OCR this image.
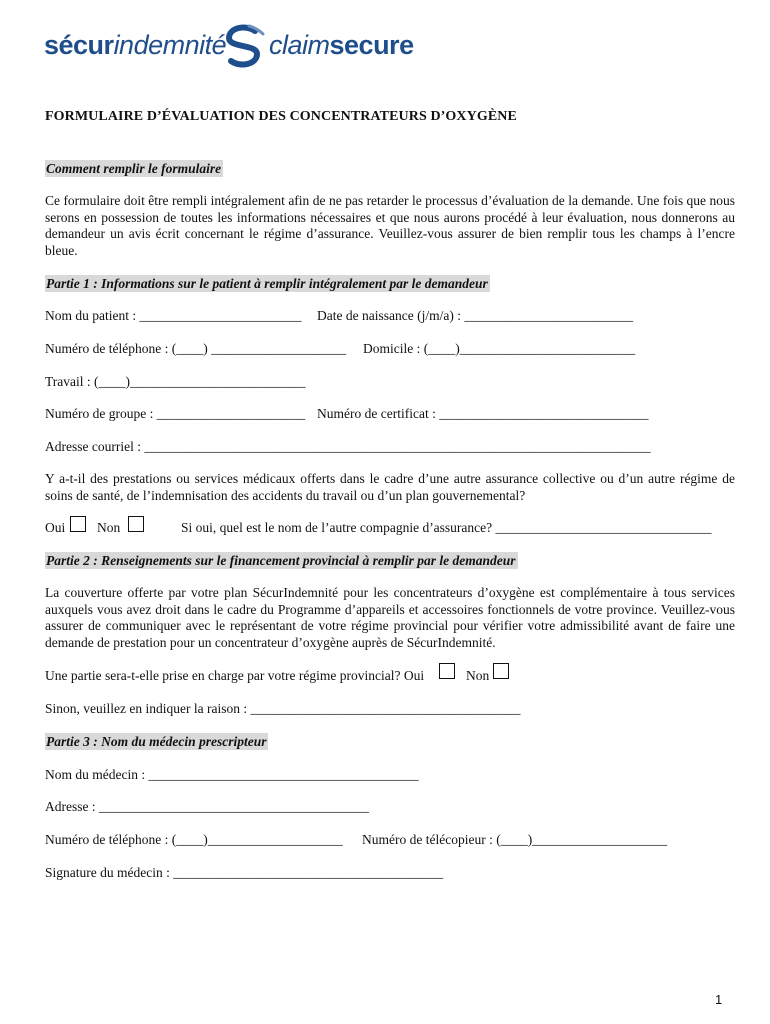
sécurindemnité claimsecure
FORMULAIRE D’ÉVALUATION DES CONCENTRATEURS D’OXYGÈNE
Comment remplir le formulaire
Ce formulaire doit être rempli intégralement afin de ne pas retarder le processus d’évaluation de la demande. Une fois que nous serons en possession de toutes les informations nécessaires et que nous aurons procédé à leur évaluation, nous donnerons au demandeur un avis écrit concernant le régime d’assurance. Veuillez-vous assurer de bien remplir tous les champs à l’encre bleue.
Partie 1 : Informations sur le patient à remplir intégralement par le demandeur
Nom du patient : ________________________ Date de naissance (j/m/a) : _________________________
Numéro de téléphone : (____) ____________________ Domicile : (____)__________________________
Travail : (____)__________________________
Numéro de groupe : ______________________ Numéro de certificat : _______________________________
Adresse courriel : ___________________________________________________________________________
Y a-t-il des prestations ou services médicaux offerts dans le cadre d’une autre assurance collective ou d’un autre régime de soins de santé, de l’indemnisation des accidents du travail ou d’un plan gouvernemental?
Oui Non	Si oui, quel est le nom de l’autre compagnie d’assurance? ________________________________
Partie 2 : Renseignements sur le financement provincial à remplir par le demandeur
La couverture offerte par votre plan SécurIndemnité pour les concentrateurs d’oxygène est complémentaire à tous services auxquels vous avez droit dans le cadre du Programme d’appareils et accessoires fonctionnels de votre province. Veuillez-vous assurer de communiquer avec le représentant de votre régime provincial pour vérifier votre admissibilité avant de faire une demande de prestation pour un concentrateur d’oxygène auprès de SécurIndemnité.
Une partie sera-t-elle prise en charge par votre régime provincial? Oui	Non
Sinon, veuillez en indiquer la raison : ________________________________________
Partie 3 : Nom du médecin prescripteur
Nom du médecin : ________________________________________
Adresse : ________________________________________
Numéro de téléphone : (____)____________________ Numéro de télécopieur : (____)____________________
Signature du médecin : ________________________________________
1
